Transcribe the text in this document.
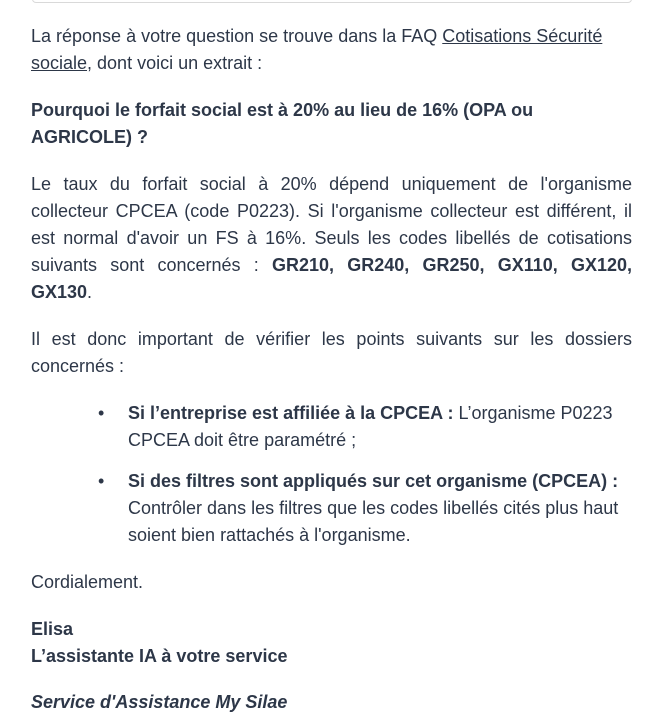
La réponse à votre question se trouve dans la FAQ Cotisations Sécurité sociale, dont voici un extrait :

Pourquoi le forfait social est à 20% au lieu de 16% (OPA ou AGRICOLE) ?

Le taux du forfait social à 20% dépend uniquement de l'organisme collecteur CPCEA (code P0223). Si l'organisme collecteur est différent, il est normal d'avoir un FS à 16%. Seuls les codes libellés de cotisations suivants sont concernés : GR210, GR240, GR250, GX110, GX120, GX130.

Il est donc important de vérifier les points suivants sur les dossiers concernés :

• Si l’entreprise est affiliée à la CPCEA : L’organisme P0223 CPCEA doit être paramétré ;
• Si des filtres sont appliqués sur cet organisme (CPCEA) : Contrôler dans les filtres que les codes libellés cités plus haut soient bien rattachés à l'organisme.

Cordialement.

Elisa
L’assistante IA à votre service

Service d'Assistance My Silae
